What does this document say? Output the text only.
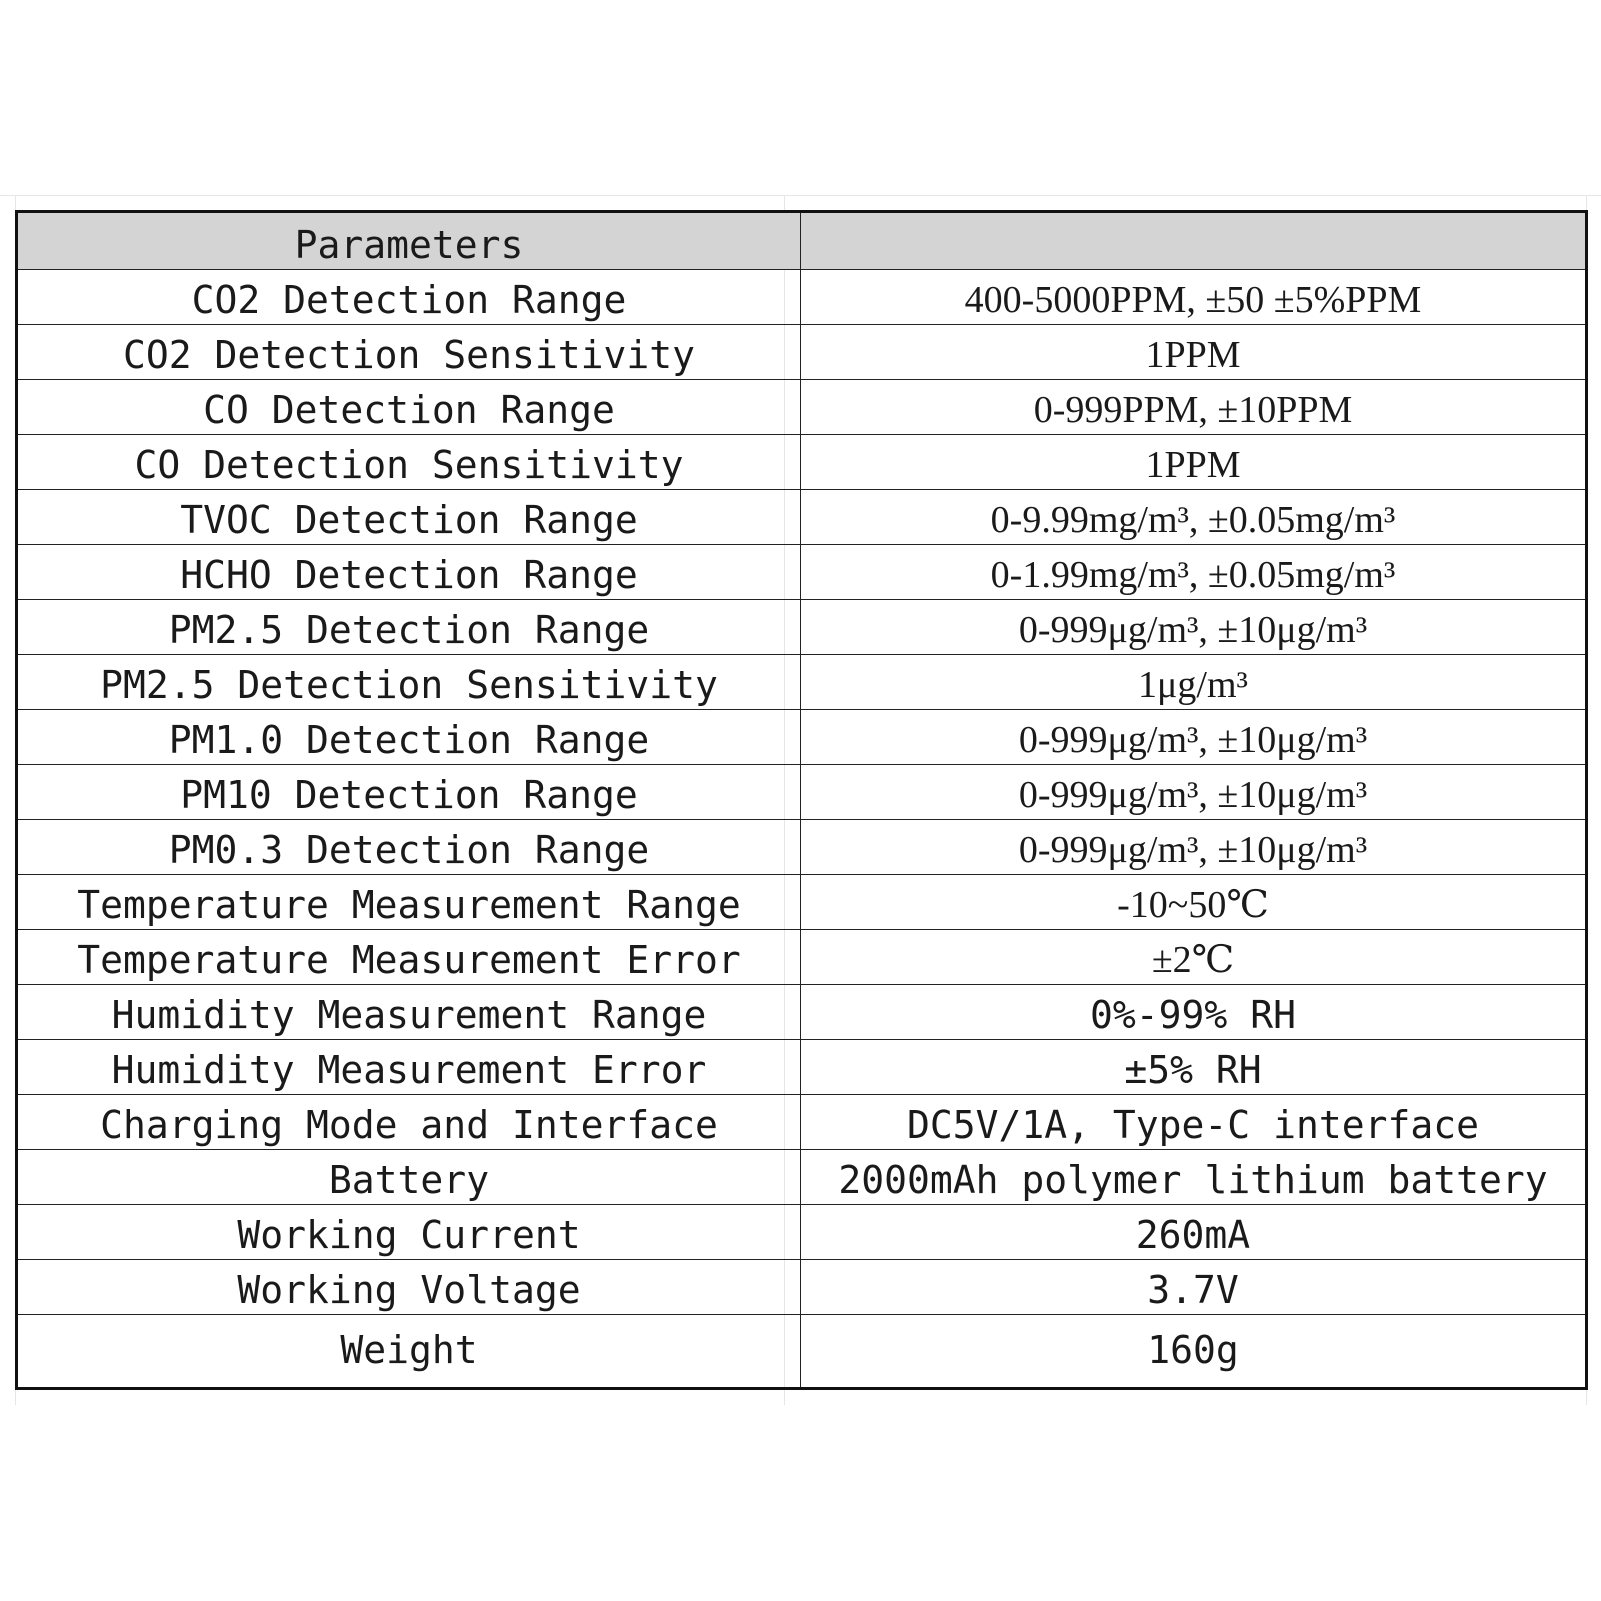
Parameters	
CO2 Detection Range	400-5000PPM, ±50 ±5%PPM
CO2 Detection Sensitivity	1PPM
CO Detection Range	0-999PPM, ±10PPM
CO Detection Sensitivity	1PPM
TVOC Detection Range	0-9.99mg/m³, ±0.05mg/m³
HCHO Detection Range	0-1.99mg/m³, ±0.05mg/m³
PM2.5 Detection Range	0-999μg/m³, ±10μg/m³
PM2.5 Detection Sensitivity	1μg/m³
PM1.0 Detection Range	0-999μg/m³, ±10μg/m³
PM10 Detection Range	0-999μg/m³, ±10μg/m³
PM0.3 Detection Range	0-999μg/m³, ±10μg/m³
Temperature Measurement Range	-10~50℃
Temperature Measurement Error	±2℃
Humidity Measurement Range	0%-99% RH
Humidity Measurement Error	±5% RH
Charging Mode and Interface	DC5V/1A, Type-C interface
Battery	2000mAh polymer lithium battery
Working Current	260mA
Working Voltage	3.7V
Weight	160g
